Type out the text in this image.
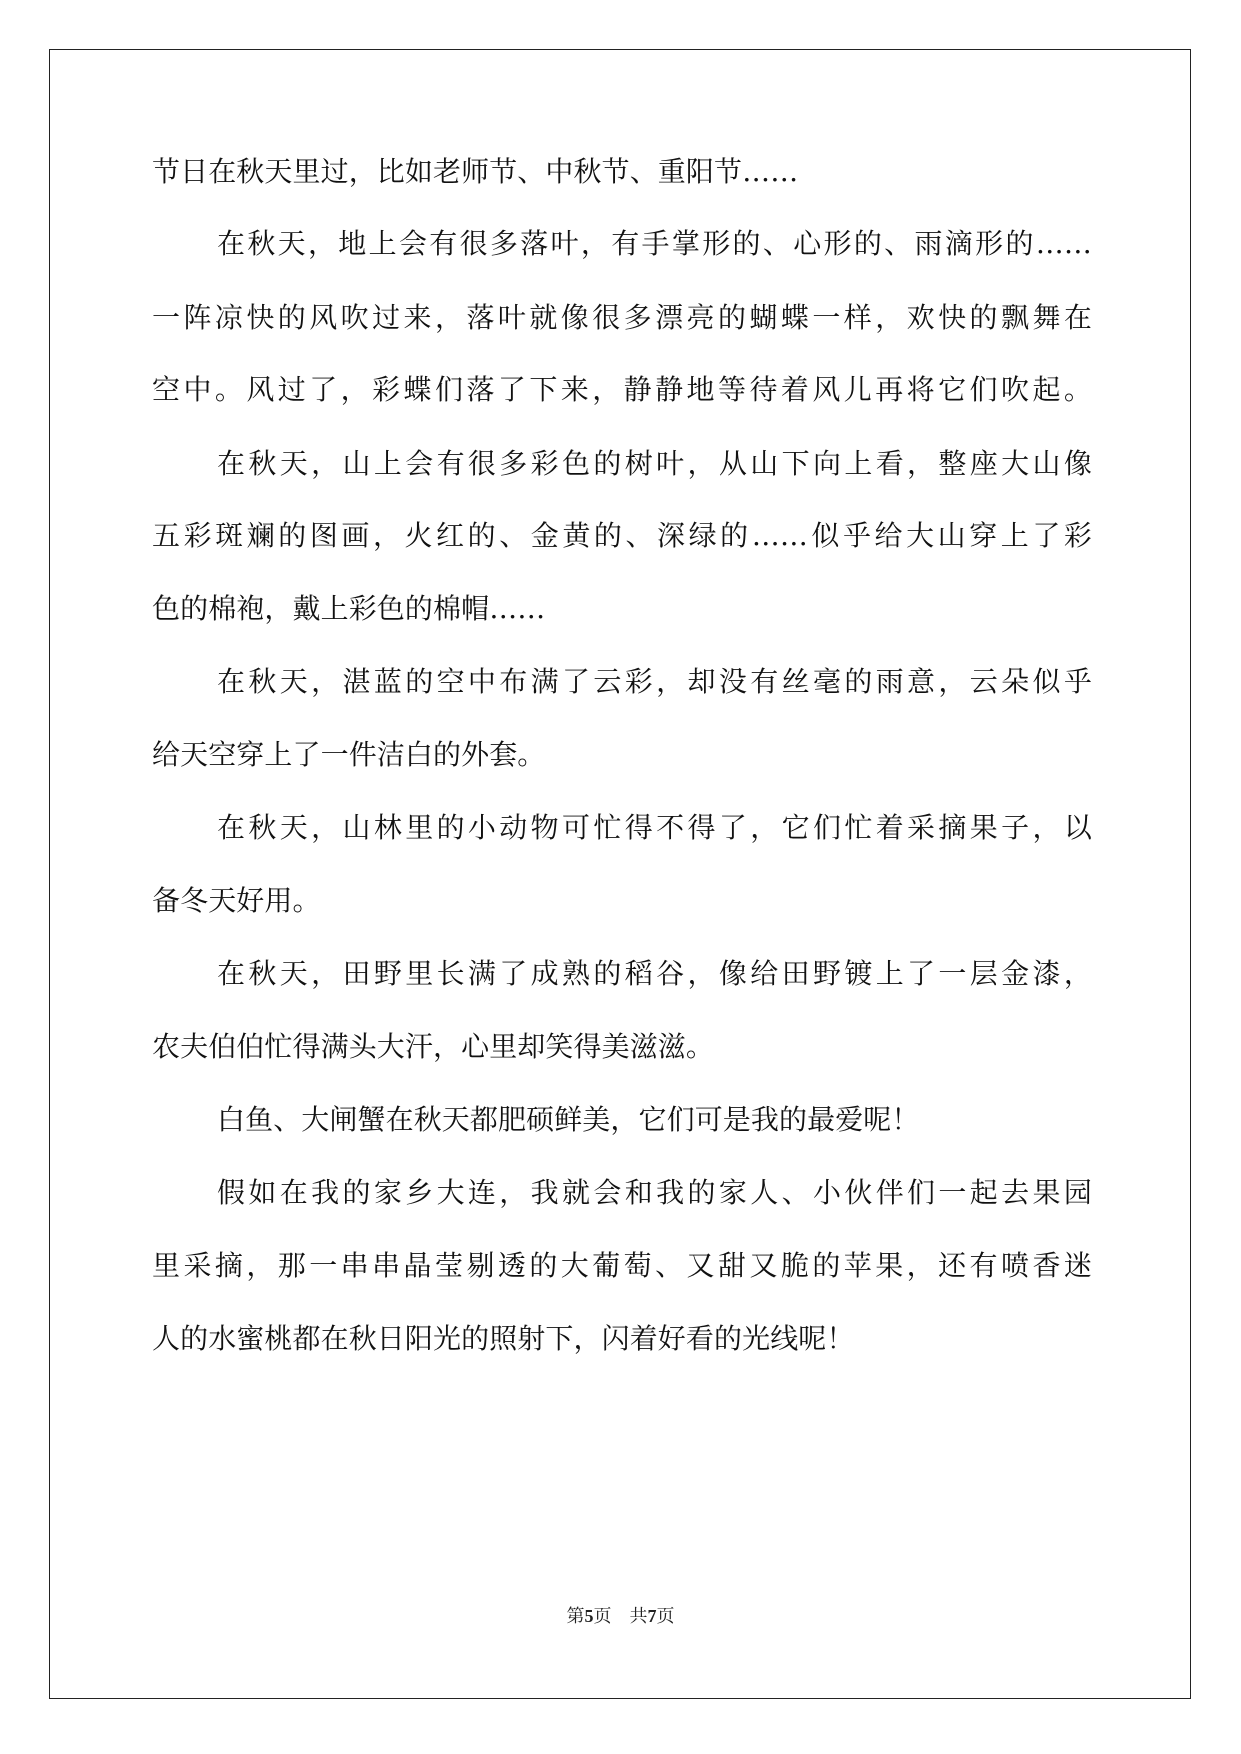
节日在秋天里过，比如老师节、中秋节、重阳节……
在秋天，地上会有很多落叶，有手掌形的、心形的、雨滴形的……
一阵凉快的风吹过来，落叶就像很多漂亮的蝴蝶一样，欢快的飘舞在
空中。风过了，彩蝶们落了下来，静静地等待着风儿再将它们吹起。
在秋天，山上会有很多彩色的树叶，从山下向上看，整座大山像
五彩斑斓的图画，火红的、金黄的、深绿的……似乎给大山穿上了彩
色的棉袍，戴上彩色的棉帽……
在秋天，湛蓝的空中布满了云彩，却没有丝毫的雨意，云朵似乎
给天空穿上了一件洁白的外套。
在秋天，山林里的小动物可忙得不得了，它们忙着采摘果子，以
备冬天好用。
在秋天，田野里长满了成熟的稻谷，像给田野镀上了一层金漆，
农夫伯伯忙得满头大汗，心里却笑得美滋滋。
白鱼、大闸蟹在秋天都肥硕鲜美，它们可是我的最爱呢！
假如在我的家乡大连，我就会和我的家人、小伙伴们一起去果园
里采摘，那一串串晶莹剔透的大葡萄、又甜又脆的苹果，还有喷香迷
人的水蜜桃都在秋日阳光的照射下，闪着好看的光线呢！
第5页 共7页
